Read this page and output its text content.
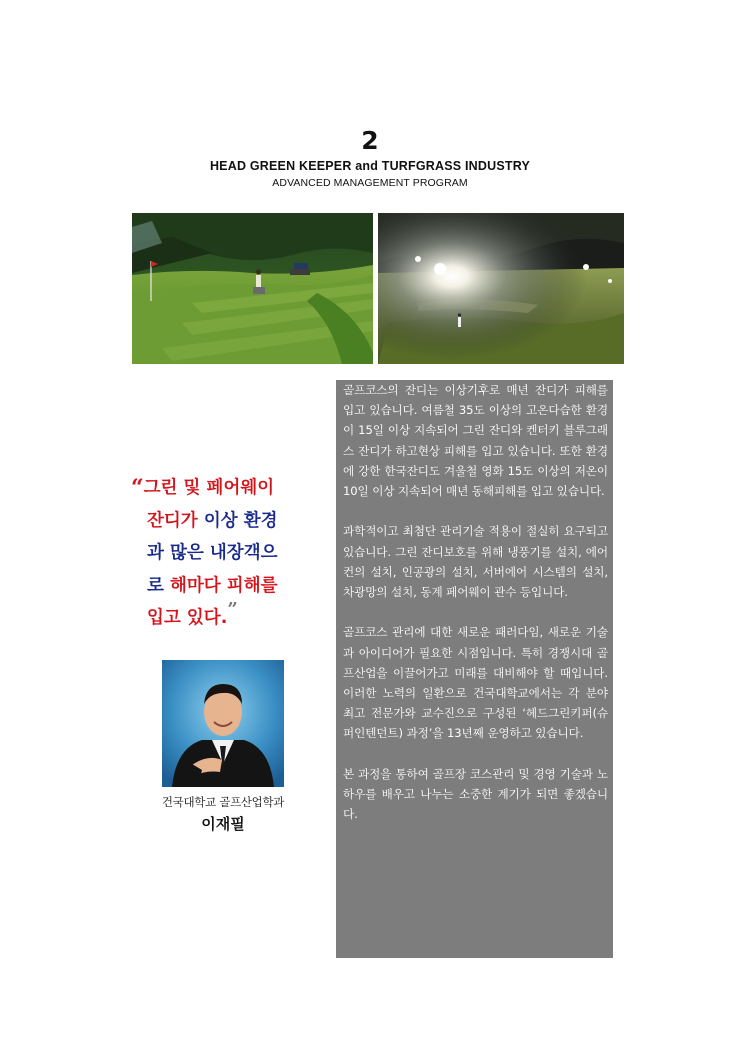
2
HEAD GREEN KEEPER and TURFGRASS INDUSTRY
ADVANCED MANAGEMENT PROGRAM
“그린 및 페어웨이
잔디가 이상 환경
과 많은 내장객으
로 해마다 피해를
입고 있다.”
건국대학교 골프산업학과
이재필

골프코스의 잔디는 이상기후로 매년 잔디가 피해를 입고 있습니다. 여름철 35도 이상의 고온다습한 환경이 15일 이상 지속되어 그린 잔디와 켄터키 블루그래스 잔디가 하고현상 피해를 입고 있습니다. 또한 환경에 강한 한국잔디도 겨울철 영화 15도 이상의 저온이 10일 이상 지속되어 매년 동해피해를 입고 있습니다.

과학적이고 최첨단 관리기술 적용이 절실히 요구되고 있습니다. 그린 잔디보호를 위해 냉풍기를 설치, 에어컨의 설치, 인공광의 설치, 서버에어 시스템의 설치, 차광망의 설치, 동계 페어웨이 관수 등입니다.

골프코스 관리에 대한 새로운 패러다임, 새로운 기술과 아이디어가 필요한 시점입니다. 특히 경쟁시대 골프산업을 이끌어가고 미래를 대비해야 할 때입니다. 이러한 노력의 일환으로 건국대학교에서는 각 분야 최고 전문가와 교수진으로 구성된 ‘헤드그린키퍼(슈퍼인텐던트) 과정’을 13년째 운영하고 있습니다.

본 과정을 통하여 골프장 코스관리 및 경영 기술과 노하우를 배우고 나누는 소중한 계기가 되면 좋겠습니다.
